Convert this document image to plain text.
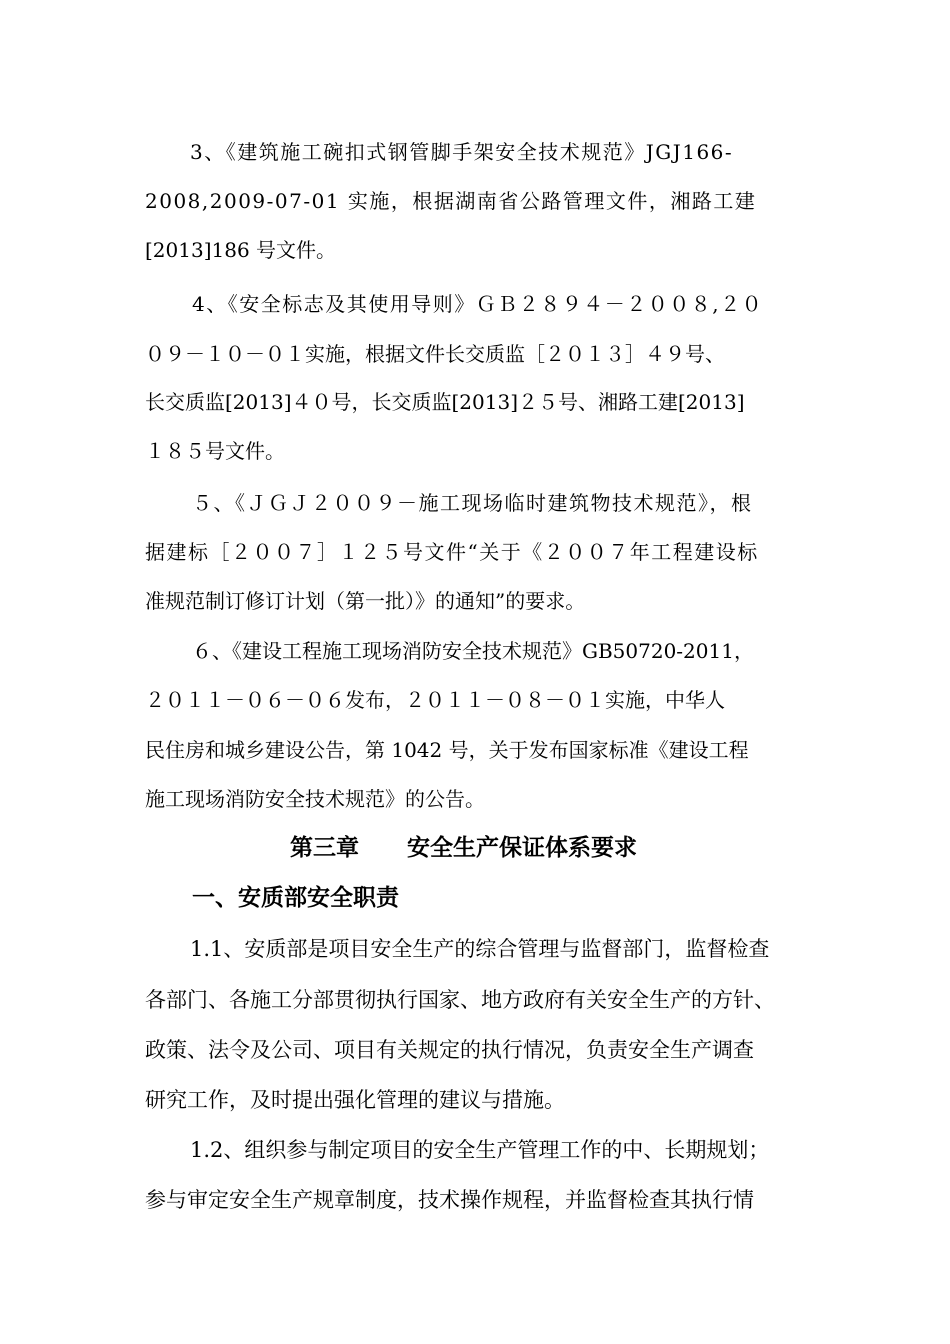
3、《建筑施工碗扣式钢管脚手架安全技术规范》JGJ166-
2008,2009-07-01 实施，根据湖南省公路管理文件，湘路工建
[2013]186 号文件。
4、《安全标志及其使用导则》ＧＢ２８９４－２００８,２０
０９－１０－０１实施，根据文件长交质监［２０１３］４９号、
长交质监[2013]４０号，长交质监[2013]２５号、湘路工建[2013]
１８５号文件。
５、《ＪＧＪ２００９－施工现场临时建筑物技术规范》，根
据建标［２００７］１２５号文件“关于《２００７年工程建设标
准规范制订修订计划（第一批）》的通知”的要求。
６、《建设工程施工现场消防安全技术规范》GB50720-2011，
２０１１－０６－０６发布，２０１１－０８－０１实施，中华人
民住房和城乡建设公告，第 1042 号，关于发布国家标准《建设工程
施工现场消防安全技术规范》的公告。
第三章      安全生产保证体系要求
一、安质部安全职责
1.1、安质部是项目安全生产的综合管理与监督部门，监督检查
各部门、各施工分部贯彻执行国家、地方政府有关安全生产的方针、
政策、法令及公司、项目有关规定的执行情况，负责安全生产调查
研究工作，及时提出强化管理的建议与措施。
1.2、组织参与制定项目的安全生产管理工作的中、长期规划；
参与审定安全生产规章制度，技术操作规程，并监督检查其执行情
